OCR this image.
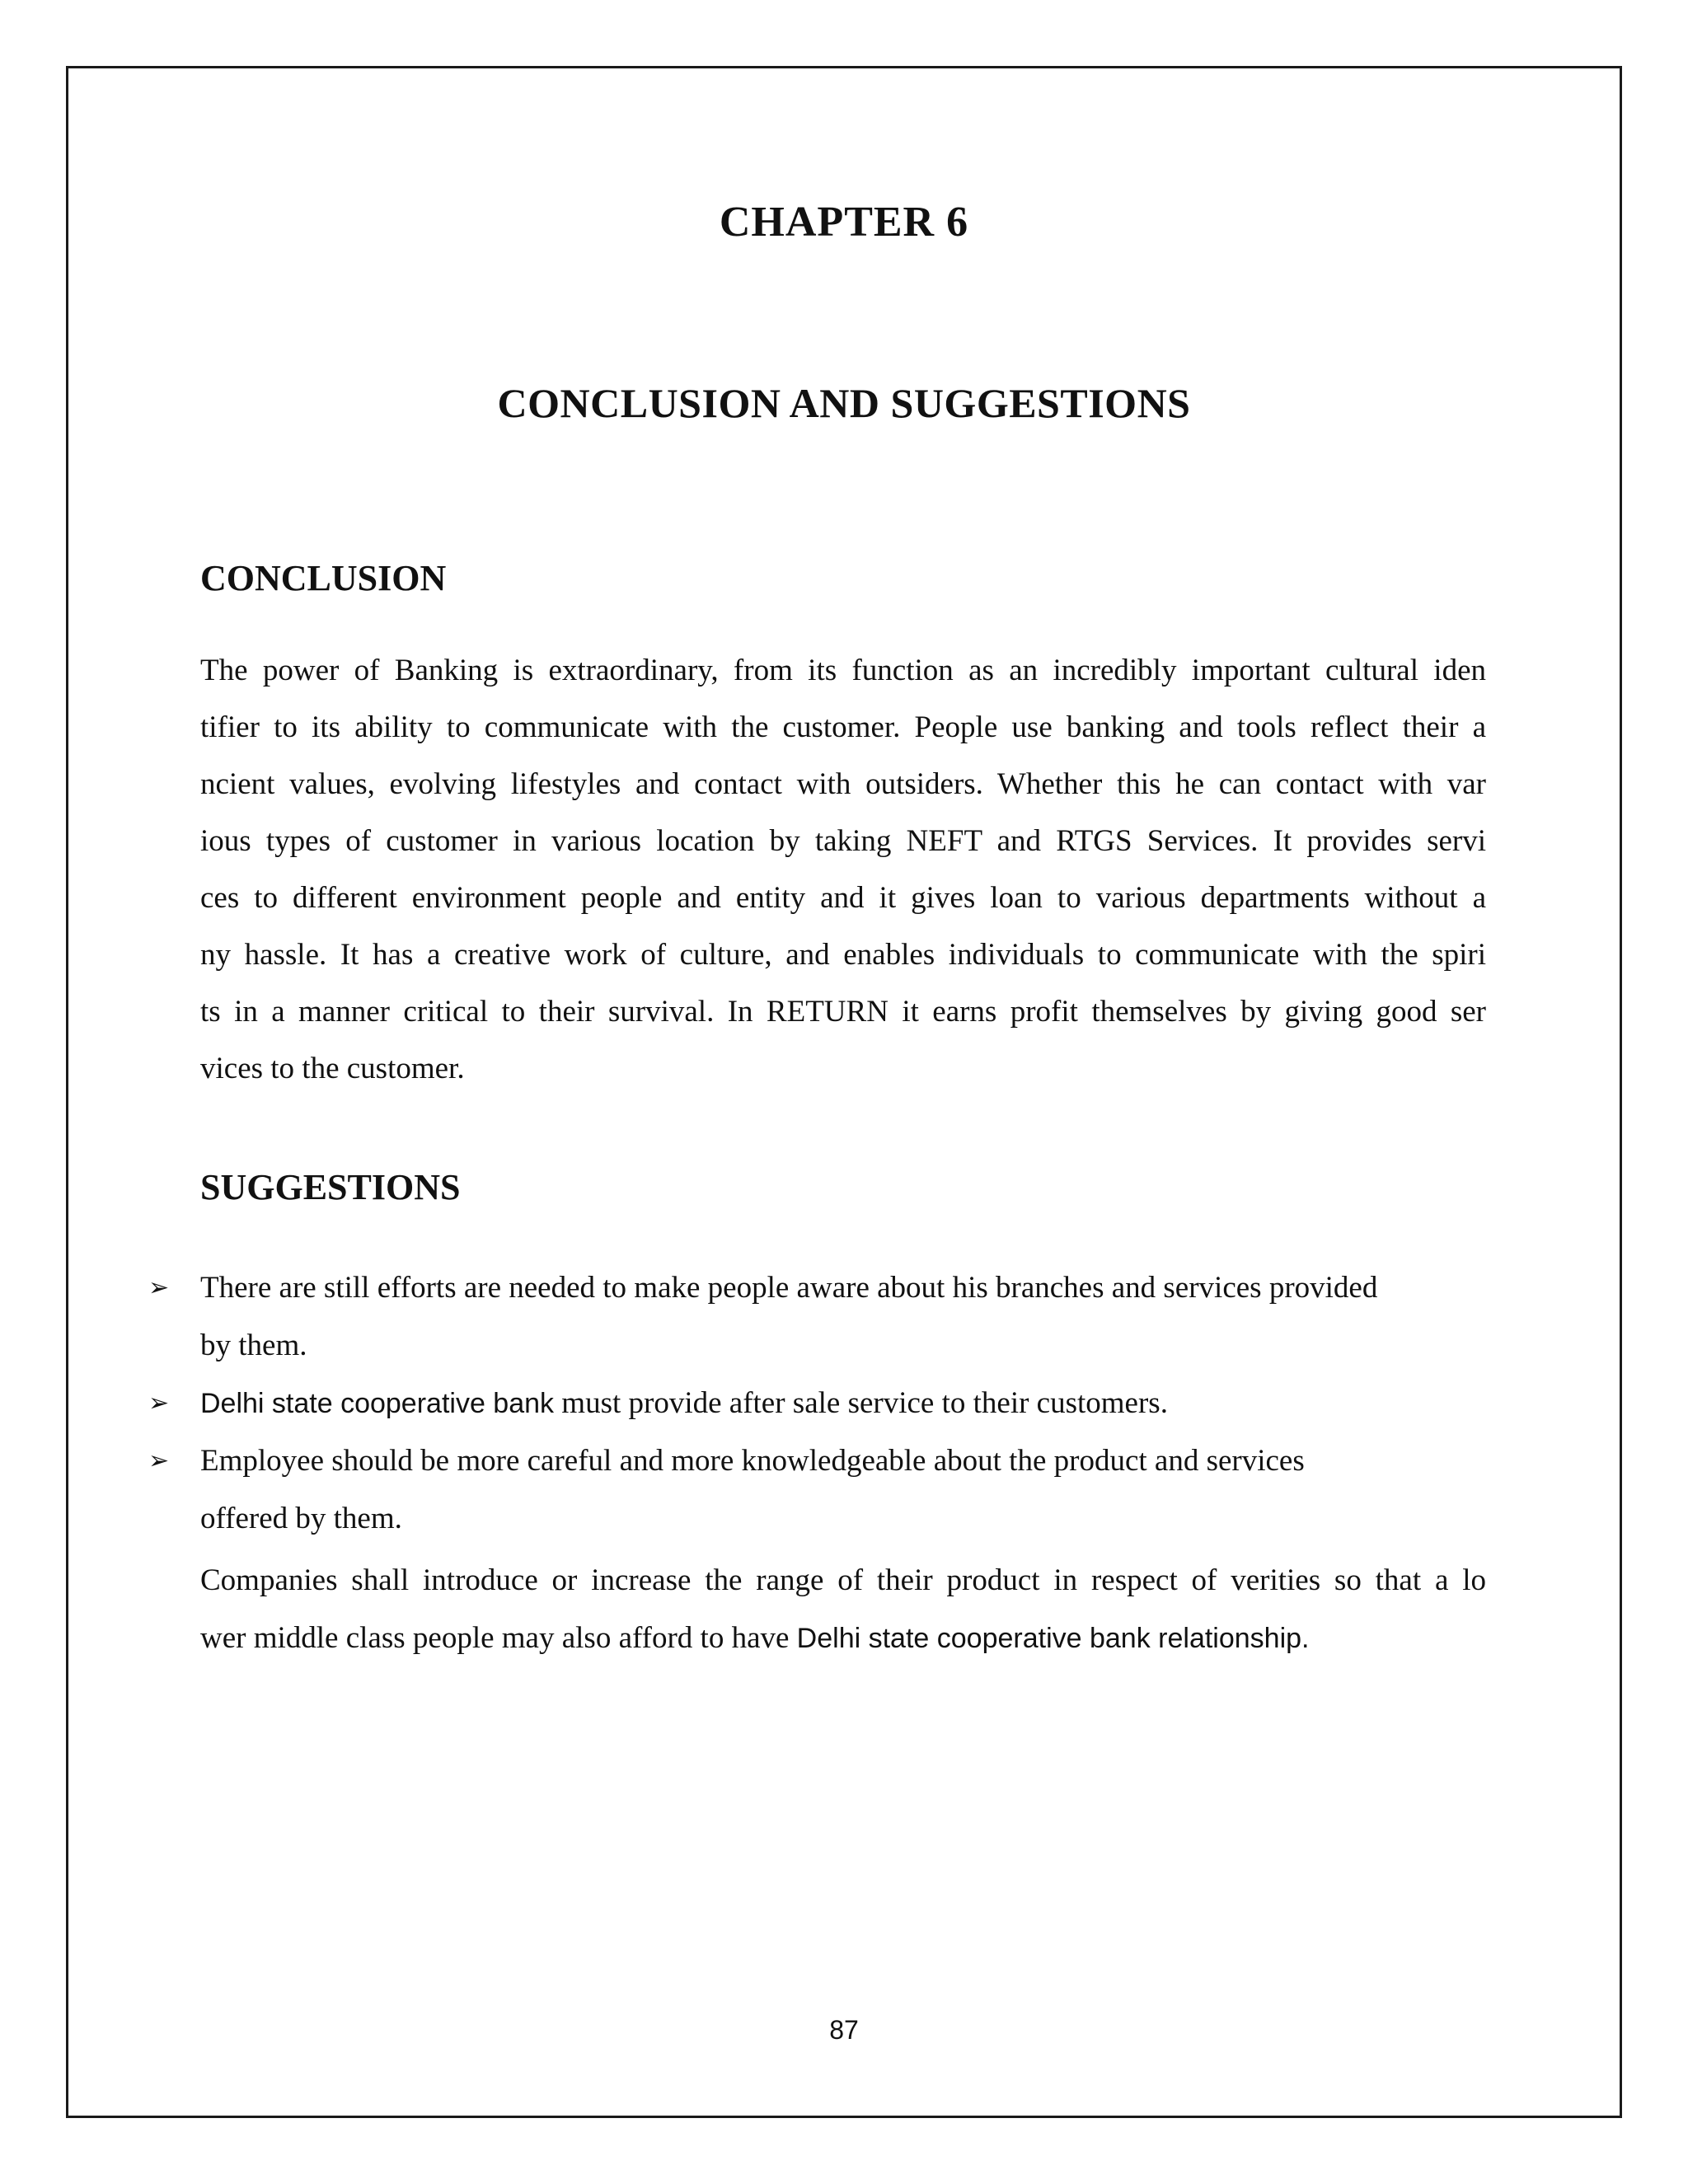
CHAPTER 6
CONCLUSION AND SUGGESTIONS
CONCLUSION
The power of Banking is extraordinary, from its function as an incredibly important cultural iden
tifier to its ability to communicate with the customer. People use banking and tools reflect their a
ncient values, evolving lifestyles and contact with outsiders. Whether this he can contact with var
ious types of customer in various location by taking NEFT and RTGS Services. It provides servi
ces to different environment people and entity and it gives loan to various departments without a
ny hassle. It has a creative work of culture, and enables individuals to communicate with the spiri
ts in a manner critical to their survival. In RETURN it earns profit themselves by giving good ser
vices to the customer.
SUGGESTIONS
➢ There are still efforts are needed to make people aware about his branches and services provided
by them.
➢ Delhi state cooperative bank must provide after sale service to their customers.
➢ Employee should be more careful and more knowledgeable about the product and services
offered by them.
Companies shall introduce or increase the range of their product in respect of verities so that a lo
wer middle class people may also afford to have Delhi state cooperative bank relationship.
87
